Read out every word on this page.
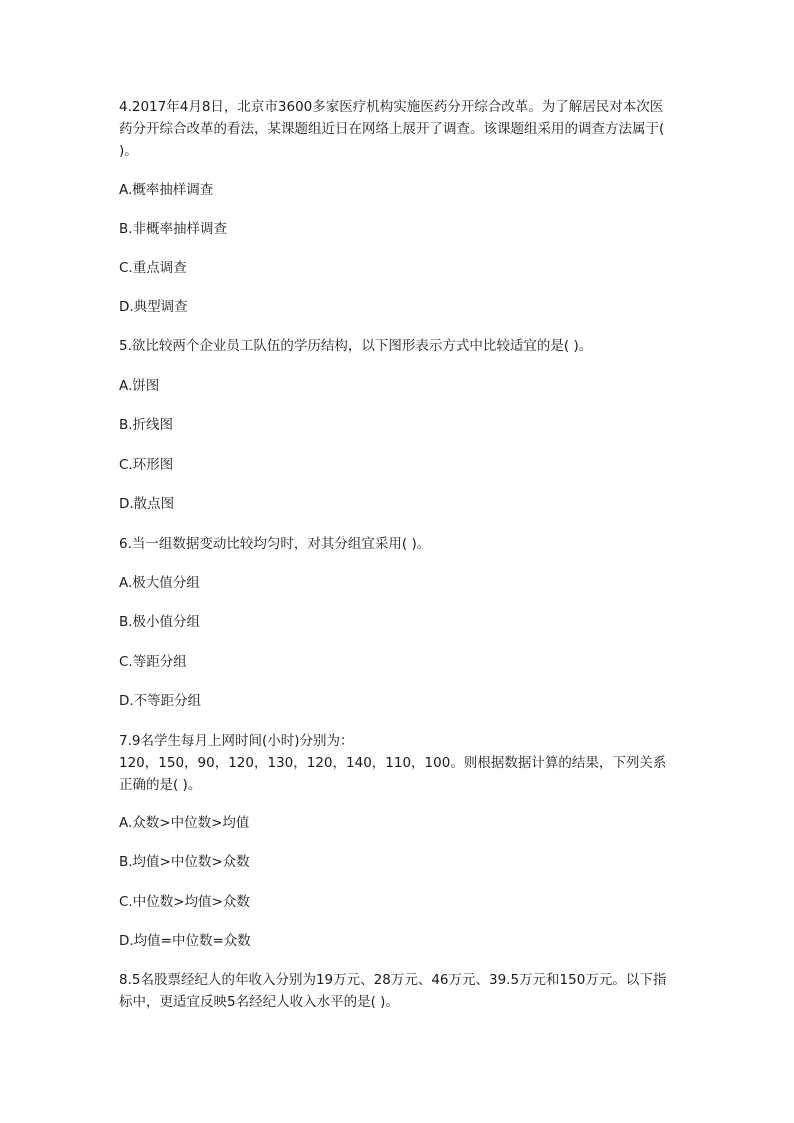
4.2017年4月8日，北京市3600多家医疗机构实施医药分开综合改革。为了解居民对本次医药分开综合改革的看法，某课题组近日在网络上展开了调查。该课题组采用的调查方法属于( )。
A.概率抽样调查
B.非概率抽样调查
C.重点调查
D.典型调查
5.欲比较两个企业员工队伍的学历结构，以下图形表示方式中比较适宜的是( )。
A.饼图
B.折线图
C.环形图
D.散点图
6.当一组数据变动比较均匀时，对其分组宜采用( )。
A.极大值分组
B.极小值分组
C.等距分组
D.不等距分组
7.9名学生每月上网时间(小时)分别为：
120，150，90，120，130，120，140，110，100。则根据数据计算的结果，下列关系正确的是( )。
A.众数>中位数>均值
B.均值>中位数>众数
C.中位数>均值>众数
D.均值=中位数=众数
8.5名股票经纪人的年收入分别为19万元、28万元、46万元、39.5万元和150万元。以下指标中，更适宜反映5名经纪人收入水平的是( )。
